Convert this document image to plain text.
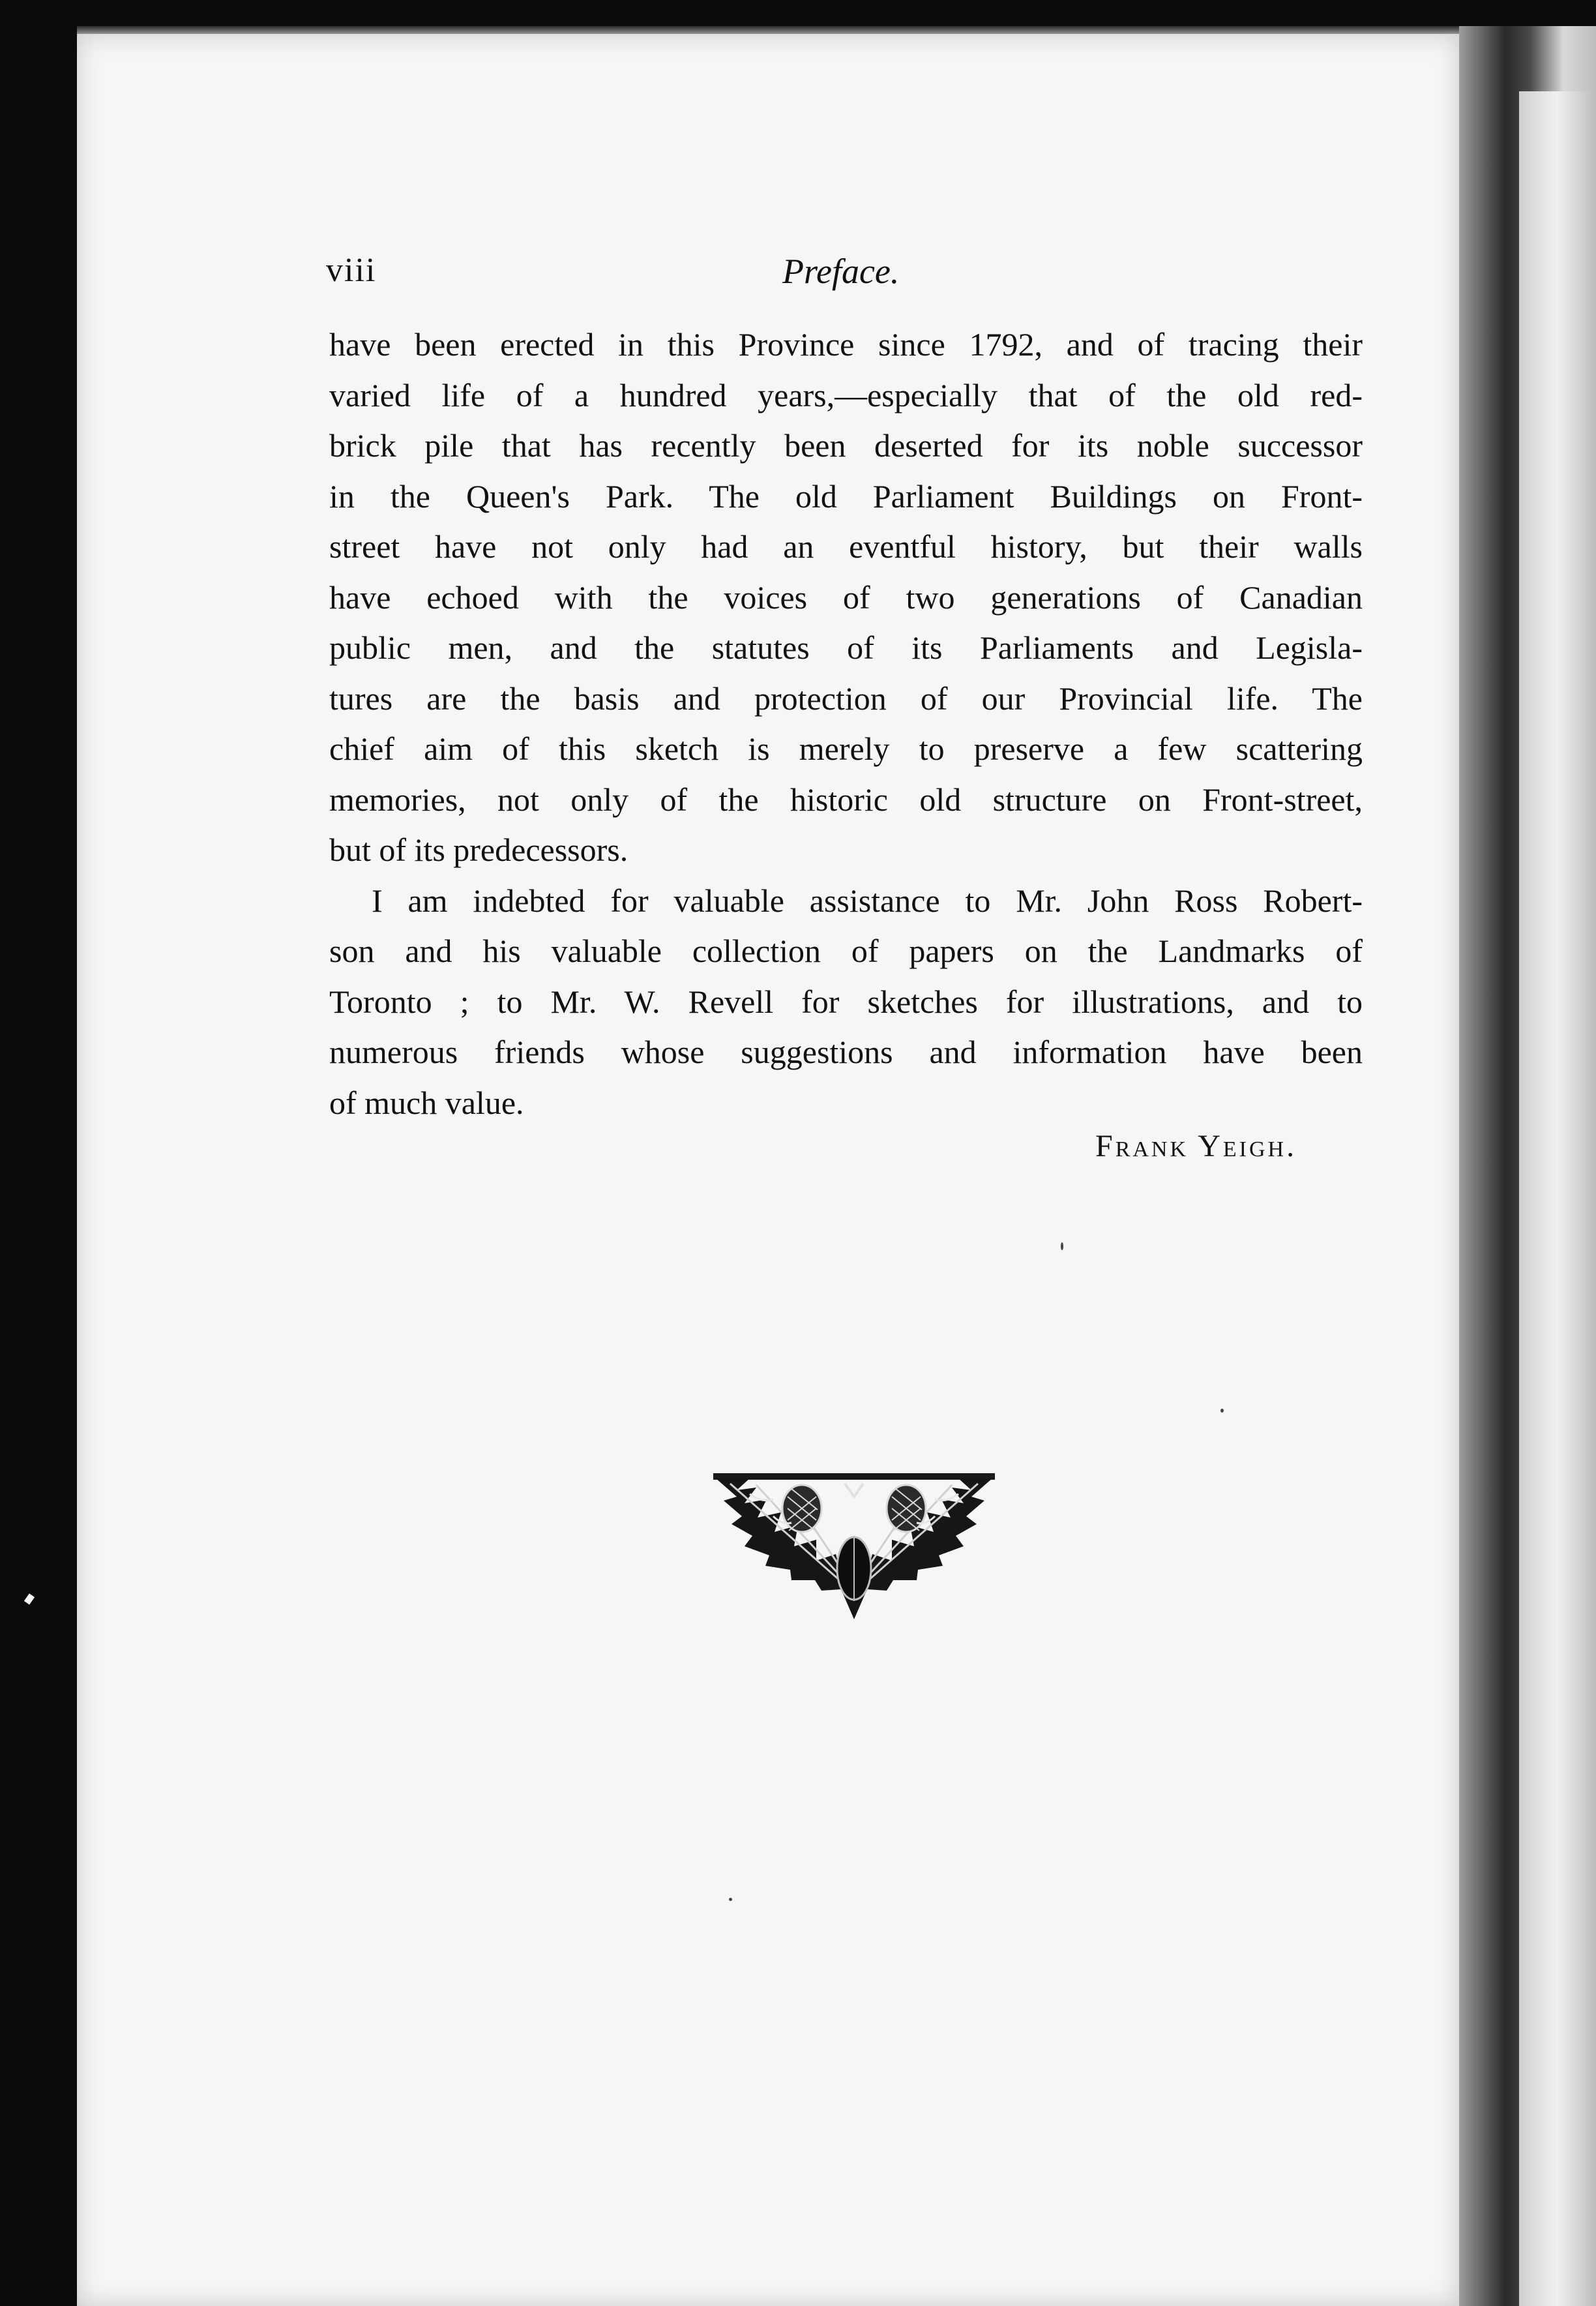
viii	Preface.
have been erected in this Province since 1792, and of tracing their
varied life of a hundred years,—especially that of the old red-
brick pile that has recently been deserted for its noble successor
in the Queen's Park. The old Parliament Buildings on Front-
street have not only had an eventful history, but their walls
have echoed with the voices of two generations of Canadian
public men, and the statutes of its Parliaments and Legisla-
tures are the basis and protection of our Provincial life. The
chief aim of this sketch is merely to preserve a few scattering
memories, not only of the historic old structure on Front-street,
but of its predecessors.
I am indebted for valuable assistance to Mr. John Ross Robert-
son and his valuable collection of papers on the Landmarks of
Toronto ; to Mr. W. Revell for sketches for illustrations, and to
numerous friends whose suggestions and information have been
of much value.
Frank Yeigh.
